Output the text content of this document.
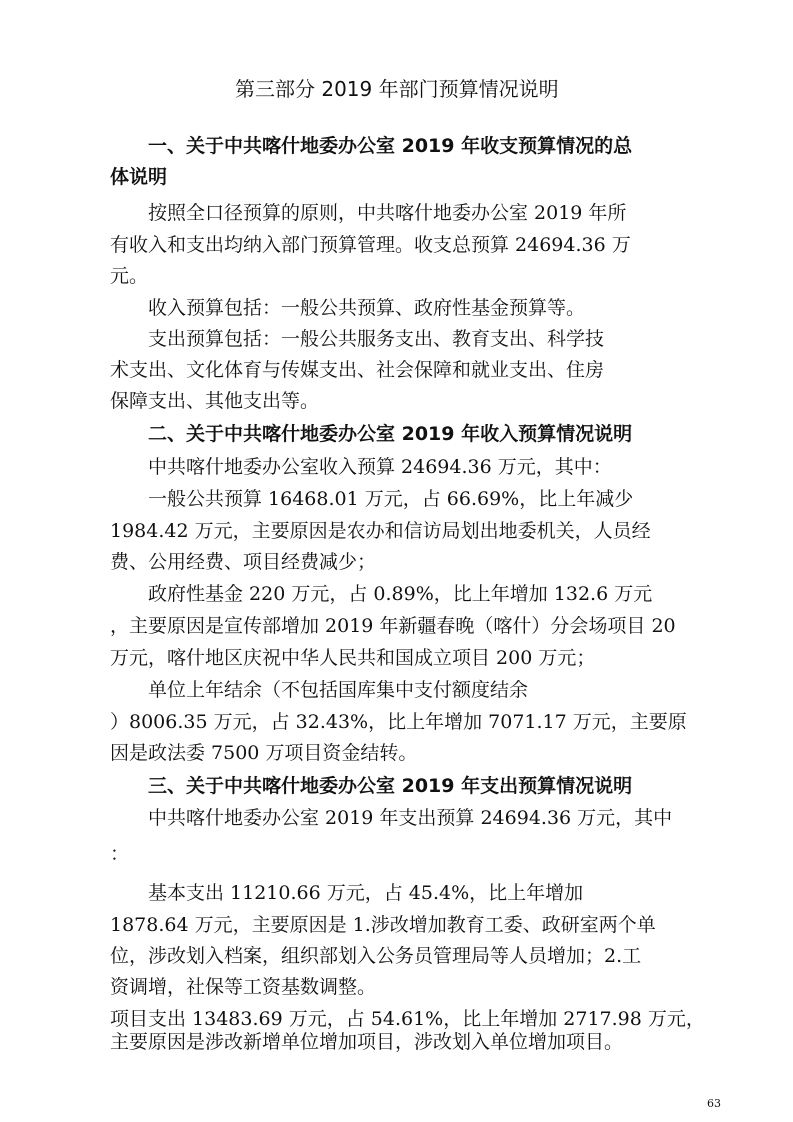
第三部分 2019 年部门预算情况说明
一、关于中共喀什地委办公室 2019 年收支预算情况的总
体说明
按照全口径预算的原则，中共喀什地委办公室 2019 年所
有收入和支出均纳入部门预算管理。收支总预算 24694.36 万
元。
收入预算包括：一般公共预算、政府性基金预算等。
支出预算包括：一般公共服务支出、教育支出、科学技
术支出、文化体育与传媒支出、社会保障和就业支出、住房
保障支出、其他支出等。
二、关于中共喀什地委办公室 2019 年收入预算情况说明
中共喀什地委办公室收入预算 24694.36 万元，其中：
一般公共预算 16468.01 万元，占 66.69%，比上年减少
1984.42 万元，主要原因是农办和信访局划出地委机关，人员经
费、公用经费、项目经费减少；
政府性基金 220 万元，占 0.89%，比上年增加 132.6 万元
，主要原因是宣传部增加 2019 年新疆春晚（喀什）分会场项目 20
万元，喀什地区庆祝中华人民共和国成立项目 200 万元；
单位上年结余（不包括国库集中支付额度结余
）8006.35 万元，占 32.43%，比上年增加 7071.17 万元，主要原
因是政法委 7500 万项目资金结转。
三、关于中共喀什地委办公室 2019 年支出预算情况说明
中共喀什地委办公室 2019 年支出预算 24694.36 万元，其中
：
基本支出 11210.66 万元，占 45.4%，比上年增加
1878.64 万元，主要原因是 1.涉改增加教育工委、政研室两个单
位，涉改划入档案，组织部划入公务员管理局等人员增加；2.工
资调增，社保等工资基数调整。
项目支出 13483.69 万元，占 54.61%，比上年增加 2717.98 万元，
主要原因是涉改新增单位增加项目，涉改划入单位增加项目。
63
